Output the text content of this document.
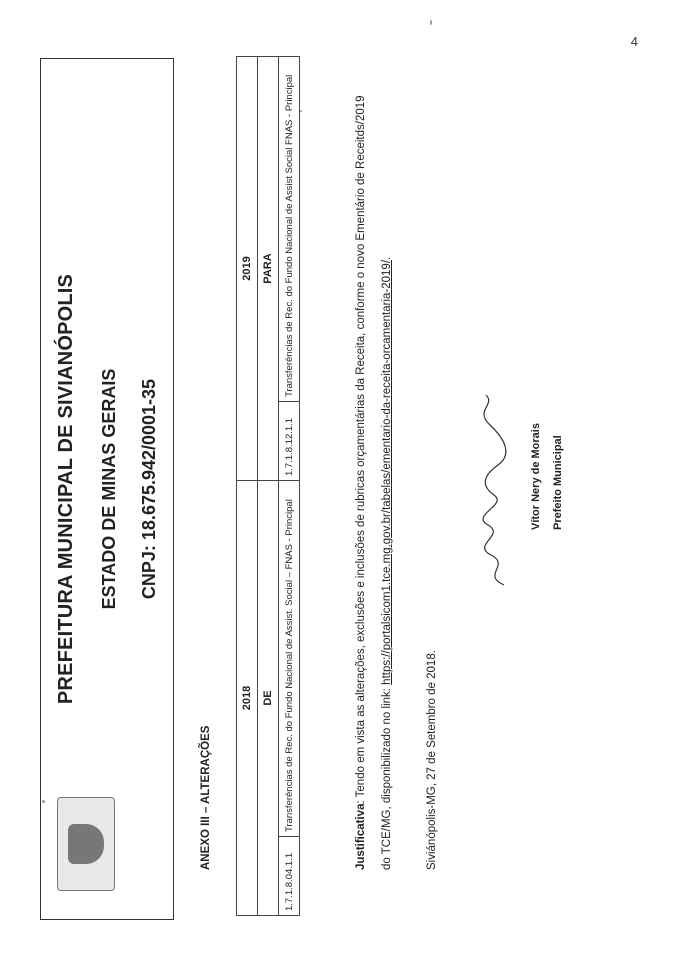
4
PREFEITURA MUNICIPAL DE SIVIANÓPOLIS ESTADO DE MINAS GERAIS CNPJ: 18.675.942/0001-35
ANEXO III – ALTERAÇÕES
2018		2019	
DE		PARA	
1.7.1.8.04.1.1	Transferências de Rec. do Fundo Nacional de Assist. Social – FNAS - Principal	1.7.1.8.12.1.1	Transferências de Rec. do Fundo Nacional de Assist Social FNAS - Principal
Justificativa: Tendo em vista as alterações, exclusões e inclusões de rubricas orçamentárias da Receita, conforme o novo Ementário de Receitds/2019 do TCE/MG, disponibilizado no link: https://portalsicom1.tce.mg.gov.br/tabelas/ementario-da-receita-orcamentaria-2019/.
Siviánópolis-MG, 27 de Setembro de 2018.
Vítor Nery de Morais Prefeito Municipal
